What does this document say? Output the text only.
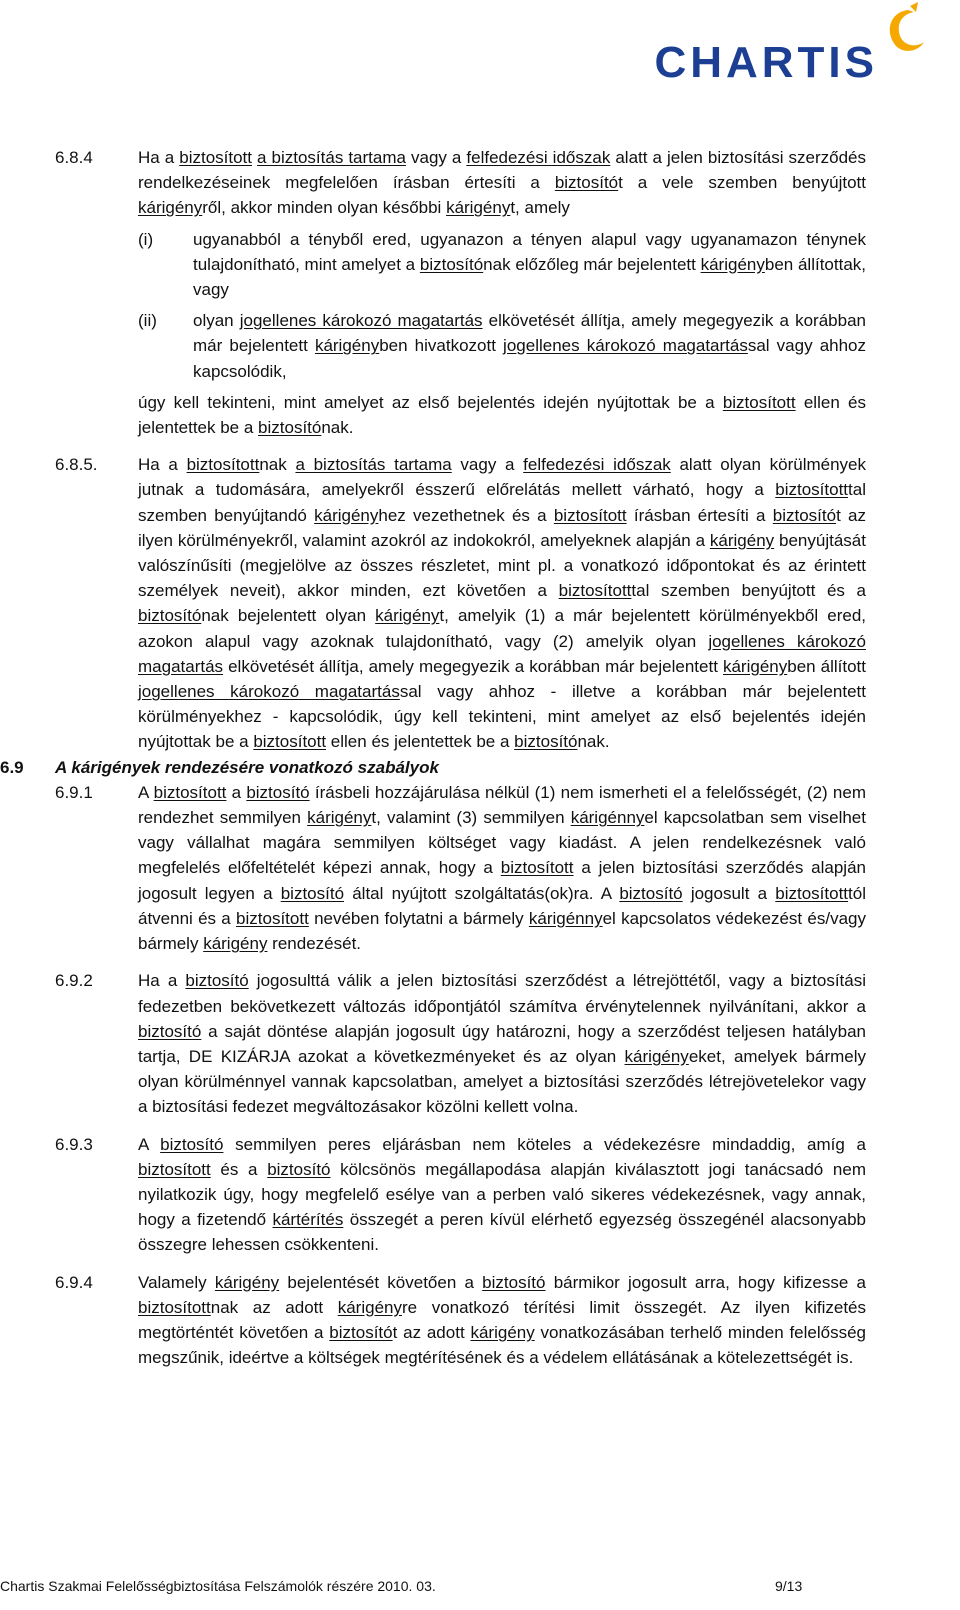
CHARTIS
6.8.4	Ha a biztosított a biztosítás tartama vagy a felfedezési időszak alatt a jelen biztosítási szerződés rendelkezéseinek megfelelően írásban értesíti a biztosítót a vele szemben benyújtott kárigényről, akkor minden olyan későbbi kárigényt, amely
(i) ugyanabból a tényből ered, ugyanazon a tényen alapul vagy ugyanamazon ténynek tulajdonítható, mint amelyet a biztosítónak előzőleg már bejelentett kárigényben állítottak, vagy
(ii) olyan jogellenes károkozó magatartás elkövetését állítja, amely megegyezik a korábban már bejelentett kárigényben hivatkozott jogellenes károkozó magatartással vagy ahhoz kapcsolódik,
úgy kell tekinteni, mint amelyet az első bejelentés idején nyújtottak be a biztosított ellen és jelentettek be a biztosítónak.
6.8.5. Ha a biztosítottnak a biztosítás tartama vagy a felfedezési időszak alatt olyan körülmények jutnak a tudomására, amelyekről ésszerű előrelátás mellett várható, hogy a biztosítotttal szemben benyújtandó kárigényhez vezethetnek és a biztosított írásban értesíti a biztosítót az ilyen körülményekről, valamint azokról az indokokról, amelyeknek alapján a kárigény benyújtását valószínűsíti (megjelölve az összes részletet, mint pl. a vonatkozó időpontokat és az érintett személyek neveit), akkor minden, ezt követően a biztosítotttal szemben benyújtott és a biztosítónak bejelentett olyan kárigényt, amelyik (1) a már bejelentett körülményekből ered, azokon alapul vagy azoknak tulajdonítható, vagy (2) amelyik olyan jogellenes károkozó magatartás elkövetését állítja, amely megegyezik a korábban már bejelentett kárigényben állított jogellenes károkozó magatartással vagy ahhoz - illetve a korábban már bejelentett körülményekhez - kapcsolódik, úgy kell tekinteni, mint amelyet az első bejelentés idején nyújtottak be a biztosított ellen és jelentettek be a biztosítónak.
6.9 A kárigények rendezésére vonatkozó szabályok
6.9.1	A biztosított a biztosító írásbeli hozzájárulása nélkül (1) nem ismerheti el a felelősségét, (2) nem rendezhet semmilyen kárigényt, valamint (3) semmilyen kárigénnyel kapcsolatban sem viselhet vagy vállalhat magára semmilyen költséget vagy kiadást. A jelen rendelkezésnek való megfelelés előfeltételét képezi annak, hogy a biztosított a jelen biztosítási szerződés alapján jogosult legyen a biztosító által nyújtott szolgáltatás(ok)ra. A biztosító jogosult a biztosítotttól átvenni és a biztosított nevében folytatni a bármely kárigénnyel kapcsolatos védekezést és/vagy bármely kárigény rendezését.
6.9.2	Ha a biztosító jogosulttá válik a jelen biztosítási szerződést a létrejöttétől, vagy a biztosítási fedezetben bekövetkezett változás időpontjától számítva érvénytelennek nyilvánítani, akkor a biztosító a saját döntése alapján jogosult úgy határozni, hogy a szerződést teljesen hatályban tartja, DE KIZÁRJA azokat a következményeket és az olyan kárigényeket, amelyek bármely olyan körülménnyel vannak kapcsolatban, amelyet a biztosítási szerződés létrejövetelekor vagy a biztosítási fedezet megváltozásakor közölni kellett volna.
6.9.3	A biztosító semmilyen peres eljárásban nem köteles a védekezésre mindaddig, amíg a biztosított és a biztosító kölcsönös megállapodása alapján kiválasztott jogi tanácsadó nem nyilatkozik úgy, hogy megfelelő esélye van a perben való sikeres védekezésnek, vagy annak, hogy a fizetendő kártérítés összegét a peren kívül elérhető egyezség összegénél alacsonyabb összegre lehessen csökkenteni.
6.9.4	Valamely kárigény bejelentését követően a biztosító bármikor jogosult arra, hogy kifizesse a biztosítottnak az adott kárigényre vonatkozó térítési limit összegét. Az ilyen kifizetés megtörténtét követően a biztosítót az adott kárigény vonatkozásában terhelő minden felelősség megszűnik, ideértve a költségek megtérítésének és a védelem ellátásának a kötelezettségét is.
Chartis Szakmai Felelősségbiztosítása Felszámolók részére 2010. 03.	9/13
